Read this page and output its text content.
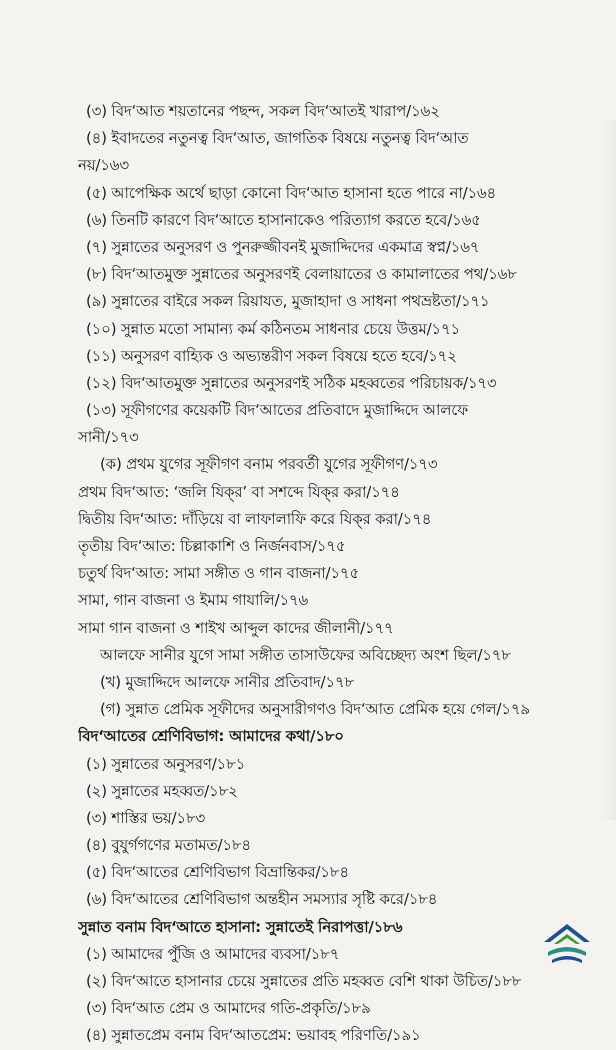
(৩) বিদ‘আত শয়তানের পছন্দ, সকল বিদ‘আতই খারাপ/১৬২
(৪) ইবাদতের নতুনত্ব বিদ‘আত, জাগতিক বিষয়ে নতুনত্ব বিদ‘আত
নয়/১৬৩
(৫) আপেক্ষিক অর্থে ছাড়া কোনো বিদ‘আত হাসানা হতে পারে না/১৬৪
(৬) তিনটি কারণে বিদ‘আতে হাসানাকেও পরিত্যাগ করতে হবে/১৬৫
(৭) সুন্নাতের অনুসরণ ও পুনরুজ্জীবনই মুজাদ্দিদের একমাত্র স্বপ্ন/১৬৭
(৮) বিদ‘আতমুক্ত সুন্নাতের অনুসরণই বেলায়াতের ও কামালাতের পথ/১৬৮
(৯) সুন্নাতের বাইরে সকল রিয়াযত, মুজাহাদা ও সাধনা পথভ্রষ্টতা/১৭১
(১০) সুন্নাত মতো সামান্য কর্ম কঠিনতম সাধনার চেয়ে উত্তম/১৭১
(১১) অনুসরণ বাহ্যিক ও অভ্যন্তরীণ সকল বিষয়ে হতে হবে/১৭২
(১২) বিদ‘আতমুক্ত সুন্নাতের অনুসরণই সঠিক মহব্বতের পরিচায়ক/১৭৩
(১৩) সূফীগণের কয়েকটি বিদ‘আতের প্রতিবাদে মুজাদ্দিদে আলফে
সানী/১৭৩
(ক) প্রথম যুগের সূফীগণ বনাম পরবর্তী যুগের সূফীগণ/১৭৩
প্রথম বিদ‘আত: ‘জলি যিক্‌র’ বা সশব্দে যিক্‌র করা/১৭৪
দ্বিতীয় বিদ‘আত: দাঁড়িয়ে বা লাফালাফি করে যিক্‌র করা/১৭৪
তৃতীয় বিদ‘আত: চিল্লাকাশি ও নির্জনবাস/১৭৫
চতুর্থ বিদ‘আত: সামা সঙ্গীত ও গান বাজনা/১৭৫
সামা, গান বাজনা ও ইমাম গাযালি/১৭৬
সামা গান বাজনা ও শাইখ আব্দুল কাদের জীলানী/১৭৭
আলফে সানীর যুগে সামা সঙ্গীত তাসাউফের অবিচ্ছেদ্য অংশ ছিল/১৭৮
(খ) মুজাদ্দিদে আলফে সানীর প্রতিবাদ/১৭৮
(গ) সুন্নাত প্রেমিক সূফীদের অনুসারীগণও বিদ‘আত প্রেমিক হয়ে গেল/১৭৯
বিদ‘আতের শ্রেণিবিভাগ: আমাদের কথা/১৮০
(১) সুন্নাতের অনুসরণ/১৮১
(২) সুন্নাতের মহব্বত/১৮২
(৩) শাস্তির ভয়/১৮৩
(৪) বুযুর্গগণের মতামত/১৮৪
(৫) বিদ‘আতের শ্রেণিবিভাগ বিভ্রান্তিকর/১৮৪
(৬) বিদ‘আতের শ্রেণিবিভাগ অন্তহীন সমস্যার সৃষ্টি করে/১৮৪
সুন্নাত বনাম বিদ‘আতে হাসানা: সুন্নাতেই নিরাপত্তা/১৮৬
(১) আমাদের পুঁজি ও আমাদের ব্যবসা/১৮৭
(২) বিদ‘আতে হাসানার চেয়ে সুন্নাতের প্রতি মহব্বত বেশি থাকা উচিত/১৮৮
(৩) বিদ‘আত প্রেম ও আমাদের গতি-প্রকৃতি/১৮৯
(৪) সুন্নাতপ্রেম বনাম বিদ‘আতপ্রেম: ভয়াবহ পরিণতি/১৯১
